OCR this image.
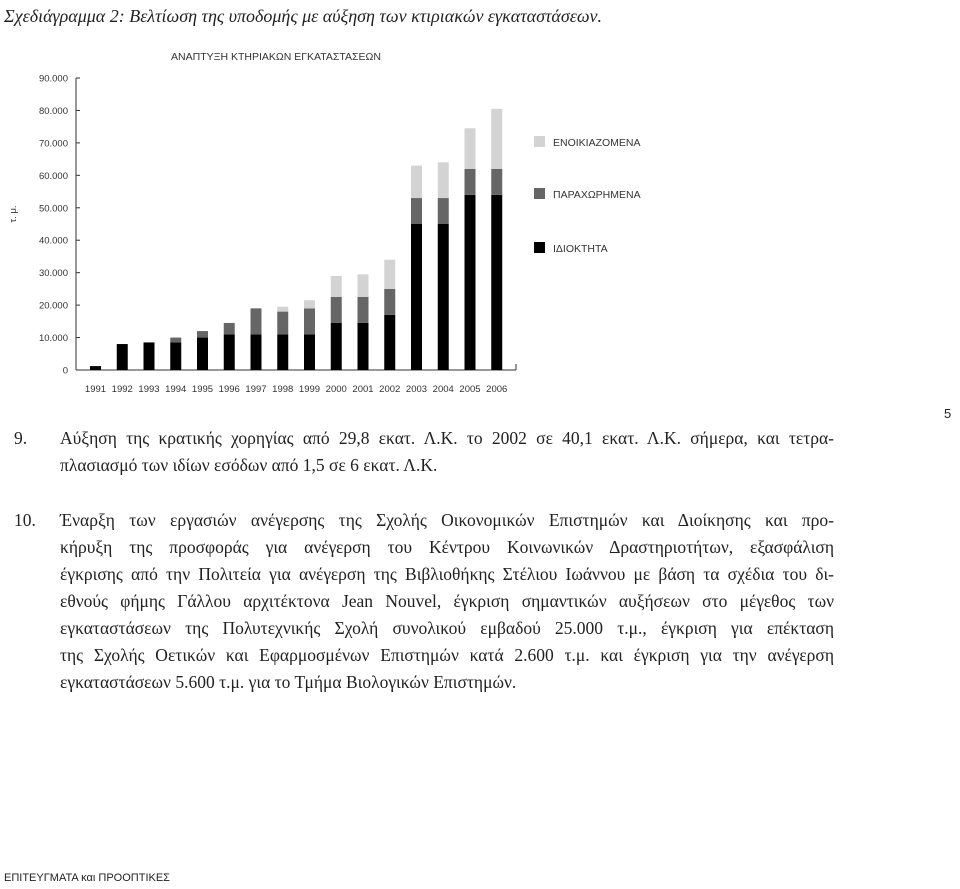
Σχεδιάγραμμα 2: Βελτίωση της υποδομής με αύξηση των κτιριακών εγκαταστάσεων.
ΑΝΑΠΤΥΞΗ ΚΤΗΡΙΑΚΩΝ ΕΓΚΑΤΑΣΤΑΣΕΩΝ
τ. μ.
0
10.000
20.000
30.000
40.000
50.000
60.000
70.000
80.000
90.000
1991 1992 1993 1994 1995 1996 1997 1998 1999 2000 2001 2002 2003 2004 2005 2006
ΕΝΟΙΚΙΑΖΟΜΕΝΑ
ΠΑΡΑΧΩΡΗΜΕΝΑ
ΙΔΙΟΚΤΗΤΑ
5
9. Αύξηση της κρατικής χορηγίας από 29,8 εκατ. Λ.Κ. το 2002 σε 40,1 εκατ. Λ.Κ. σήμερα, και τετρα-
πλασιασμό των ιδίων εσόδων από 1,5 σε 6 εκατ. Λ.Κ.
10. Έναρξη των εργασιών ανέγερσης της Σχολής Οικονομικών Επιστημών και Διοίκησης και προ-
κήρυξη της προσφοράς για ανέγερση του Κέντρου Κοινωνικών Δραστηριοτήτων, εξασφάλιση
έγκρισης από την Πολιτεία για ανέγερση της Βιβλιοθήκης Στέλιου Ιωάννου με βάση τα σχέδια του δι-
εθνούς φήμης Γάλλου αρχιτέκτονα Jean Nouvel, έγκριση σημαντικών αυξήσεων στο μέγεθος των
εγκαταστάσεων της Πολυτεχνικής Σχολή συνολικού εμβαδού 25.000 τ.μ., έγκριση για επέκταση
της Σχολής Οετικών και Εφαρμοσμένων Επιστημών κατά 2.600 τ.μ. και έγκριση για την ανέγερση
εγκαταστάσεων 5.600 τ.μ. για το Τμήμα Βιολογικών Επιστημών.
ΕΠΙΤΕΥΓΜΑΤΑ και ΠΡΟΟΠΤΙΚΕΣ
